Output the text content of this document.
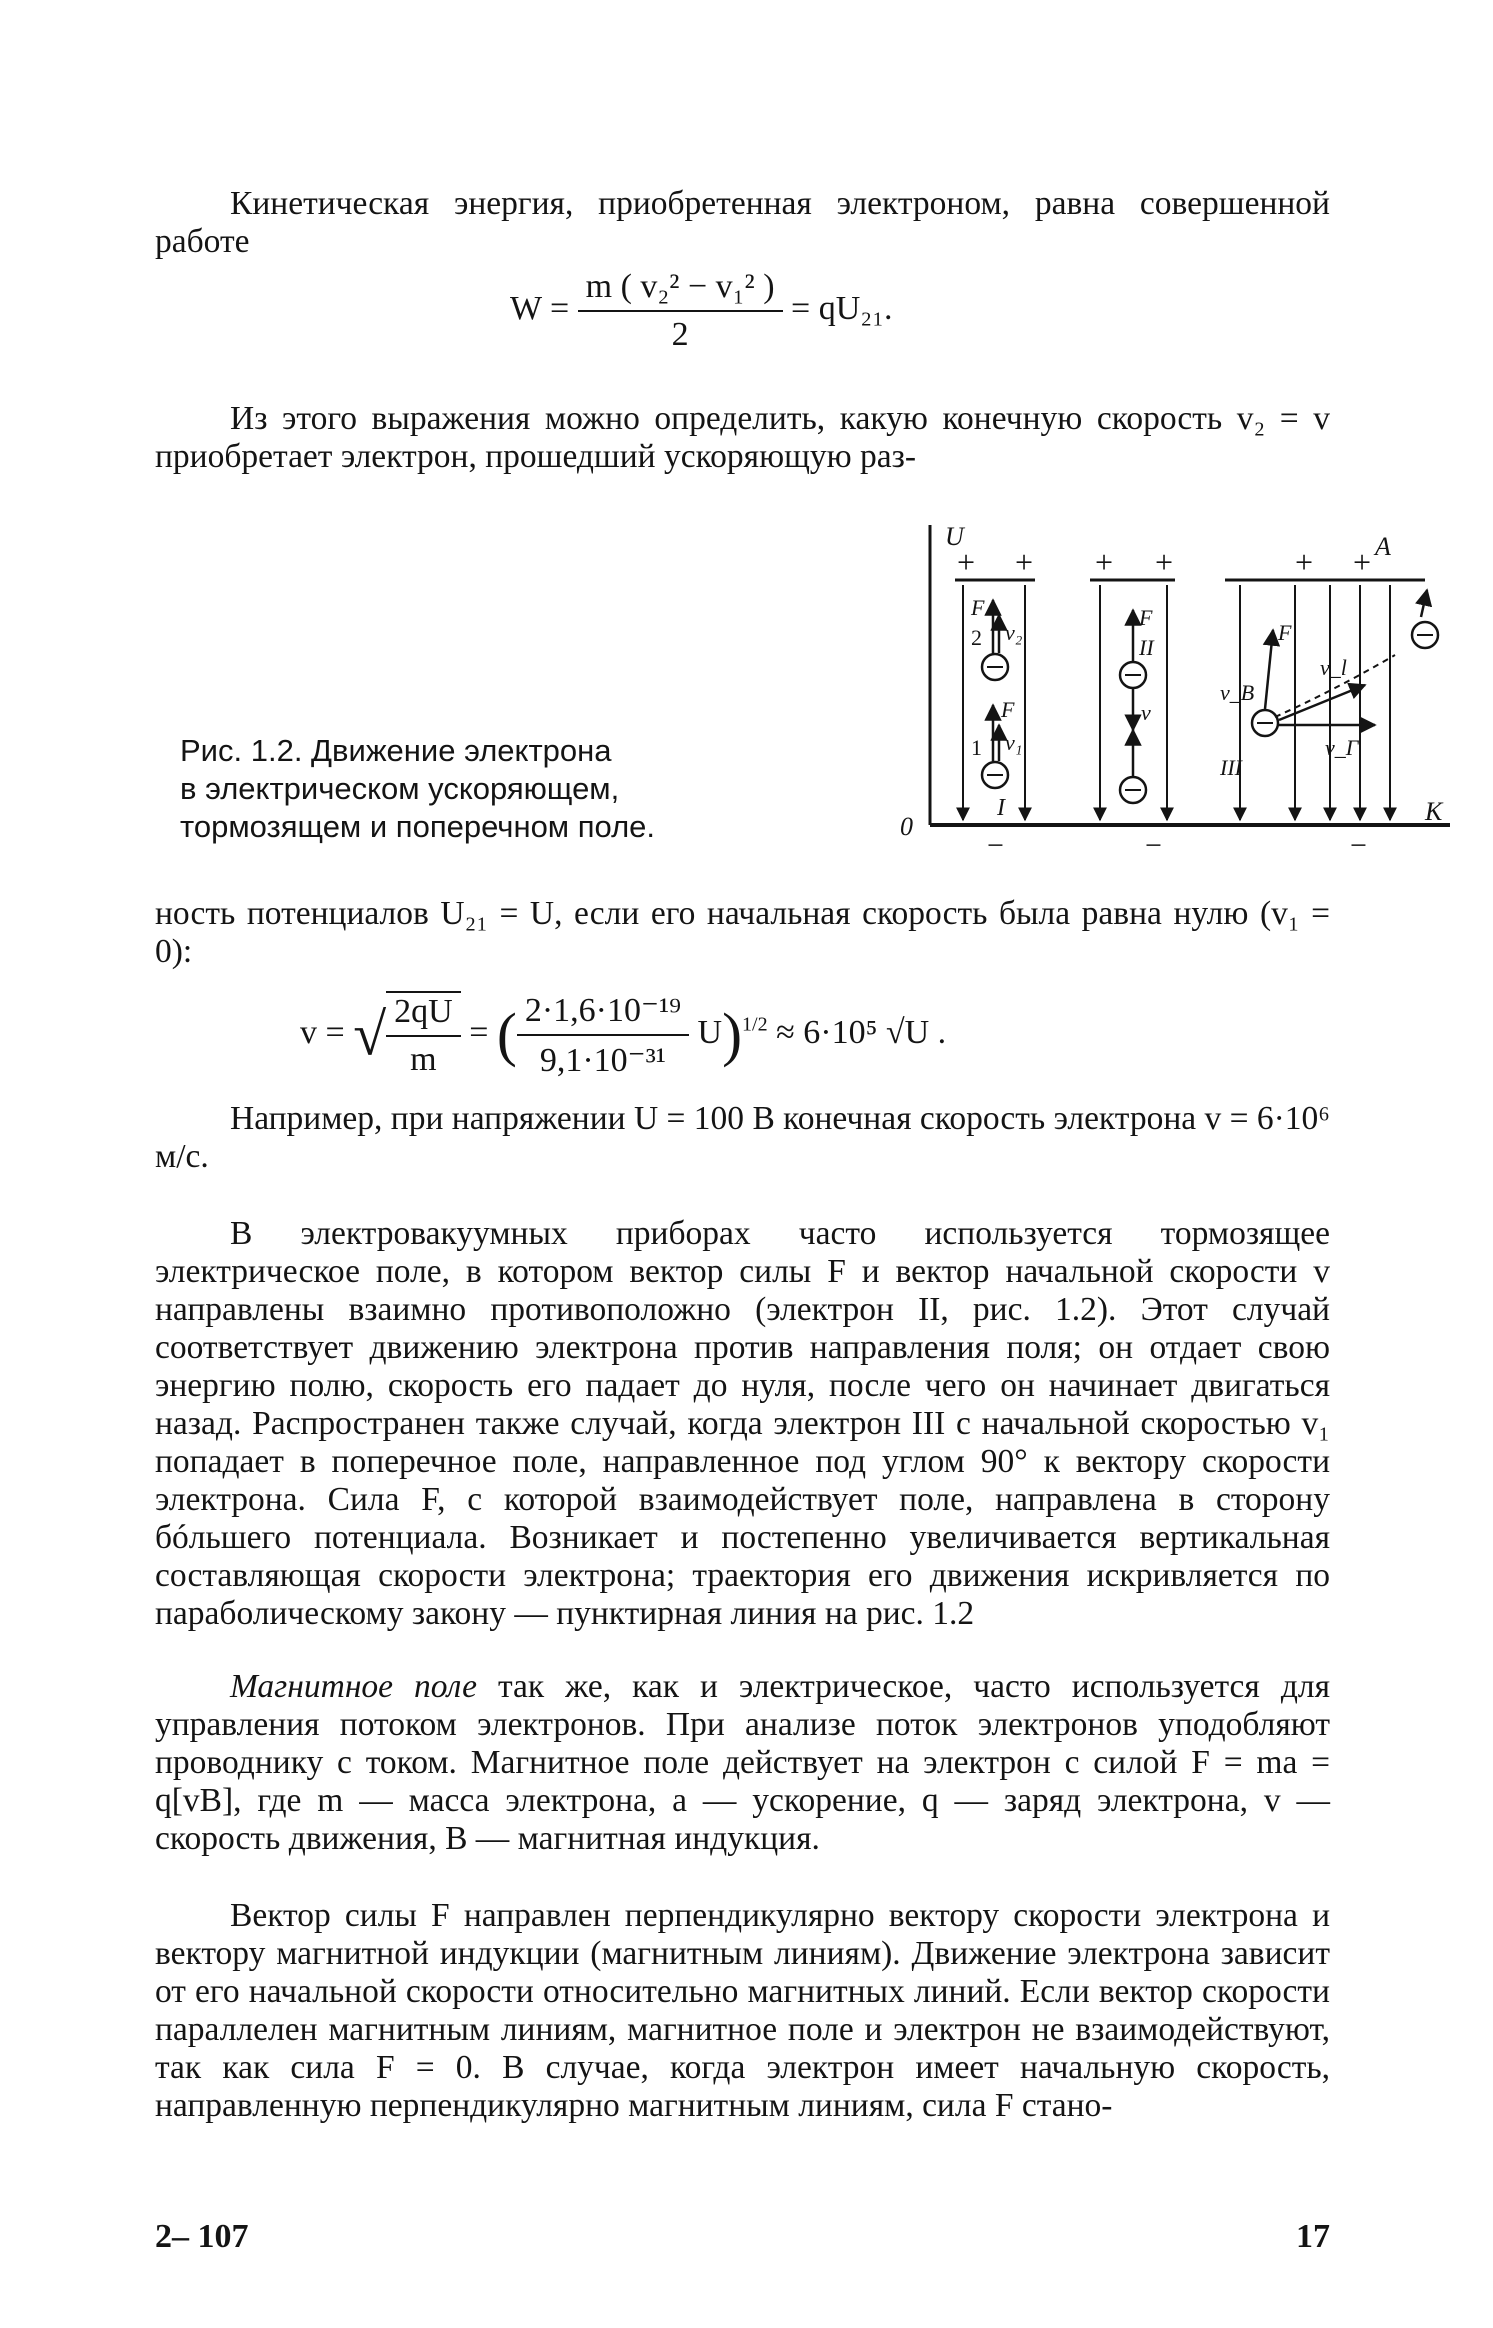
Кинетическая энергия, приобретенная электроном, равна совершенной работе

$W = \frac{\text{m ( v₂² − v₁² )}}{2} = qU_{21}$.

Из этого выражения можно определить, какую конечную скорость v₂ = v приобретает электрон, прошедший ускоряющую раз-

Рис. 1.2. Движение электрона
в электрическом ускоряющем,
тормозящем и поперечном поле.
U
0
+ + + +	+ + A
K
−	−	−
F
v₂
2
F
v₁
1
I
F
II
v
F
v_l
v_B
v_Г
III

ность потенциалов U₂₁ = U, если его начальная скорость была равна нулю (v₁ = 0):

v = √ $\frac{2qU}{m}$ = ( $\frac{\text{2·1,6·10⁻¹⁹}}{\text{9,1·10⁻³¹}} U)^{1/2} \approx 6\cdot 10^5$ √U .

Например, при напряжении U = 100 В конечная скорость электрона v = 6·10⁶ м/с.

В электровакуумных приборах часто используется тормозящее электрическое поле, в котором вектор силы F и вектор начальной скорости v направлены взаимно противоположно (электрон II, рис. 1.2). Этот случай соответствует движению электрона против направления поля; он отдает свою энергию полю, скорость его падает до нуля, после чего он начинает двигаться назад. Распространен также случай, когда электрон III с начальной скоростью v₁ попадает в поперечное поле, направленное под углом 90° к вектору скорости электрона. Сила F, с которой взаимодействует поле, направлена в сторону бóльшего потенциала. Возникает и постепенно увеличивается вертикальная составляющая скорости электрона; траектория его движения искривляется по параболическому закону — пунктирная линия на рис. 1.2

Магнитное поле так же, как и электрическое, часто используется для управления потоком электронов. При анализе поток электронов уподобляют проводнику с током. Магнитное поле действует на электрон с силой F = ma = q[vB], где m — масса электрона, a — ускорение, q — заряд электрона, v — скорость движения, B — магнитная индукция.

Вектор силы F направлен перпендикулярно вектору скорости электрона и вектору магнитной индукции (магнитным линиям). Движение электрона зависит от его начальной скорости относительно магнитных линий. Если вектор скорости параллелен магнитным линиям, магнитное поле и электрон не взаимодействуют, так как сила F = 0. В случае, когда электрон имеет начальную скорость, направленную перпендикулярно магнитным линиям, сила F стано-

2– 107	17
